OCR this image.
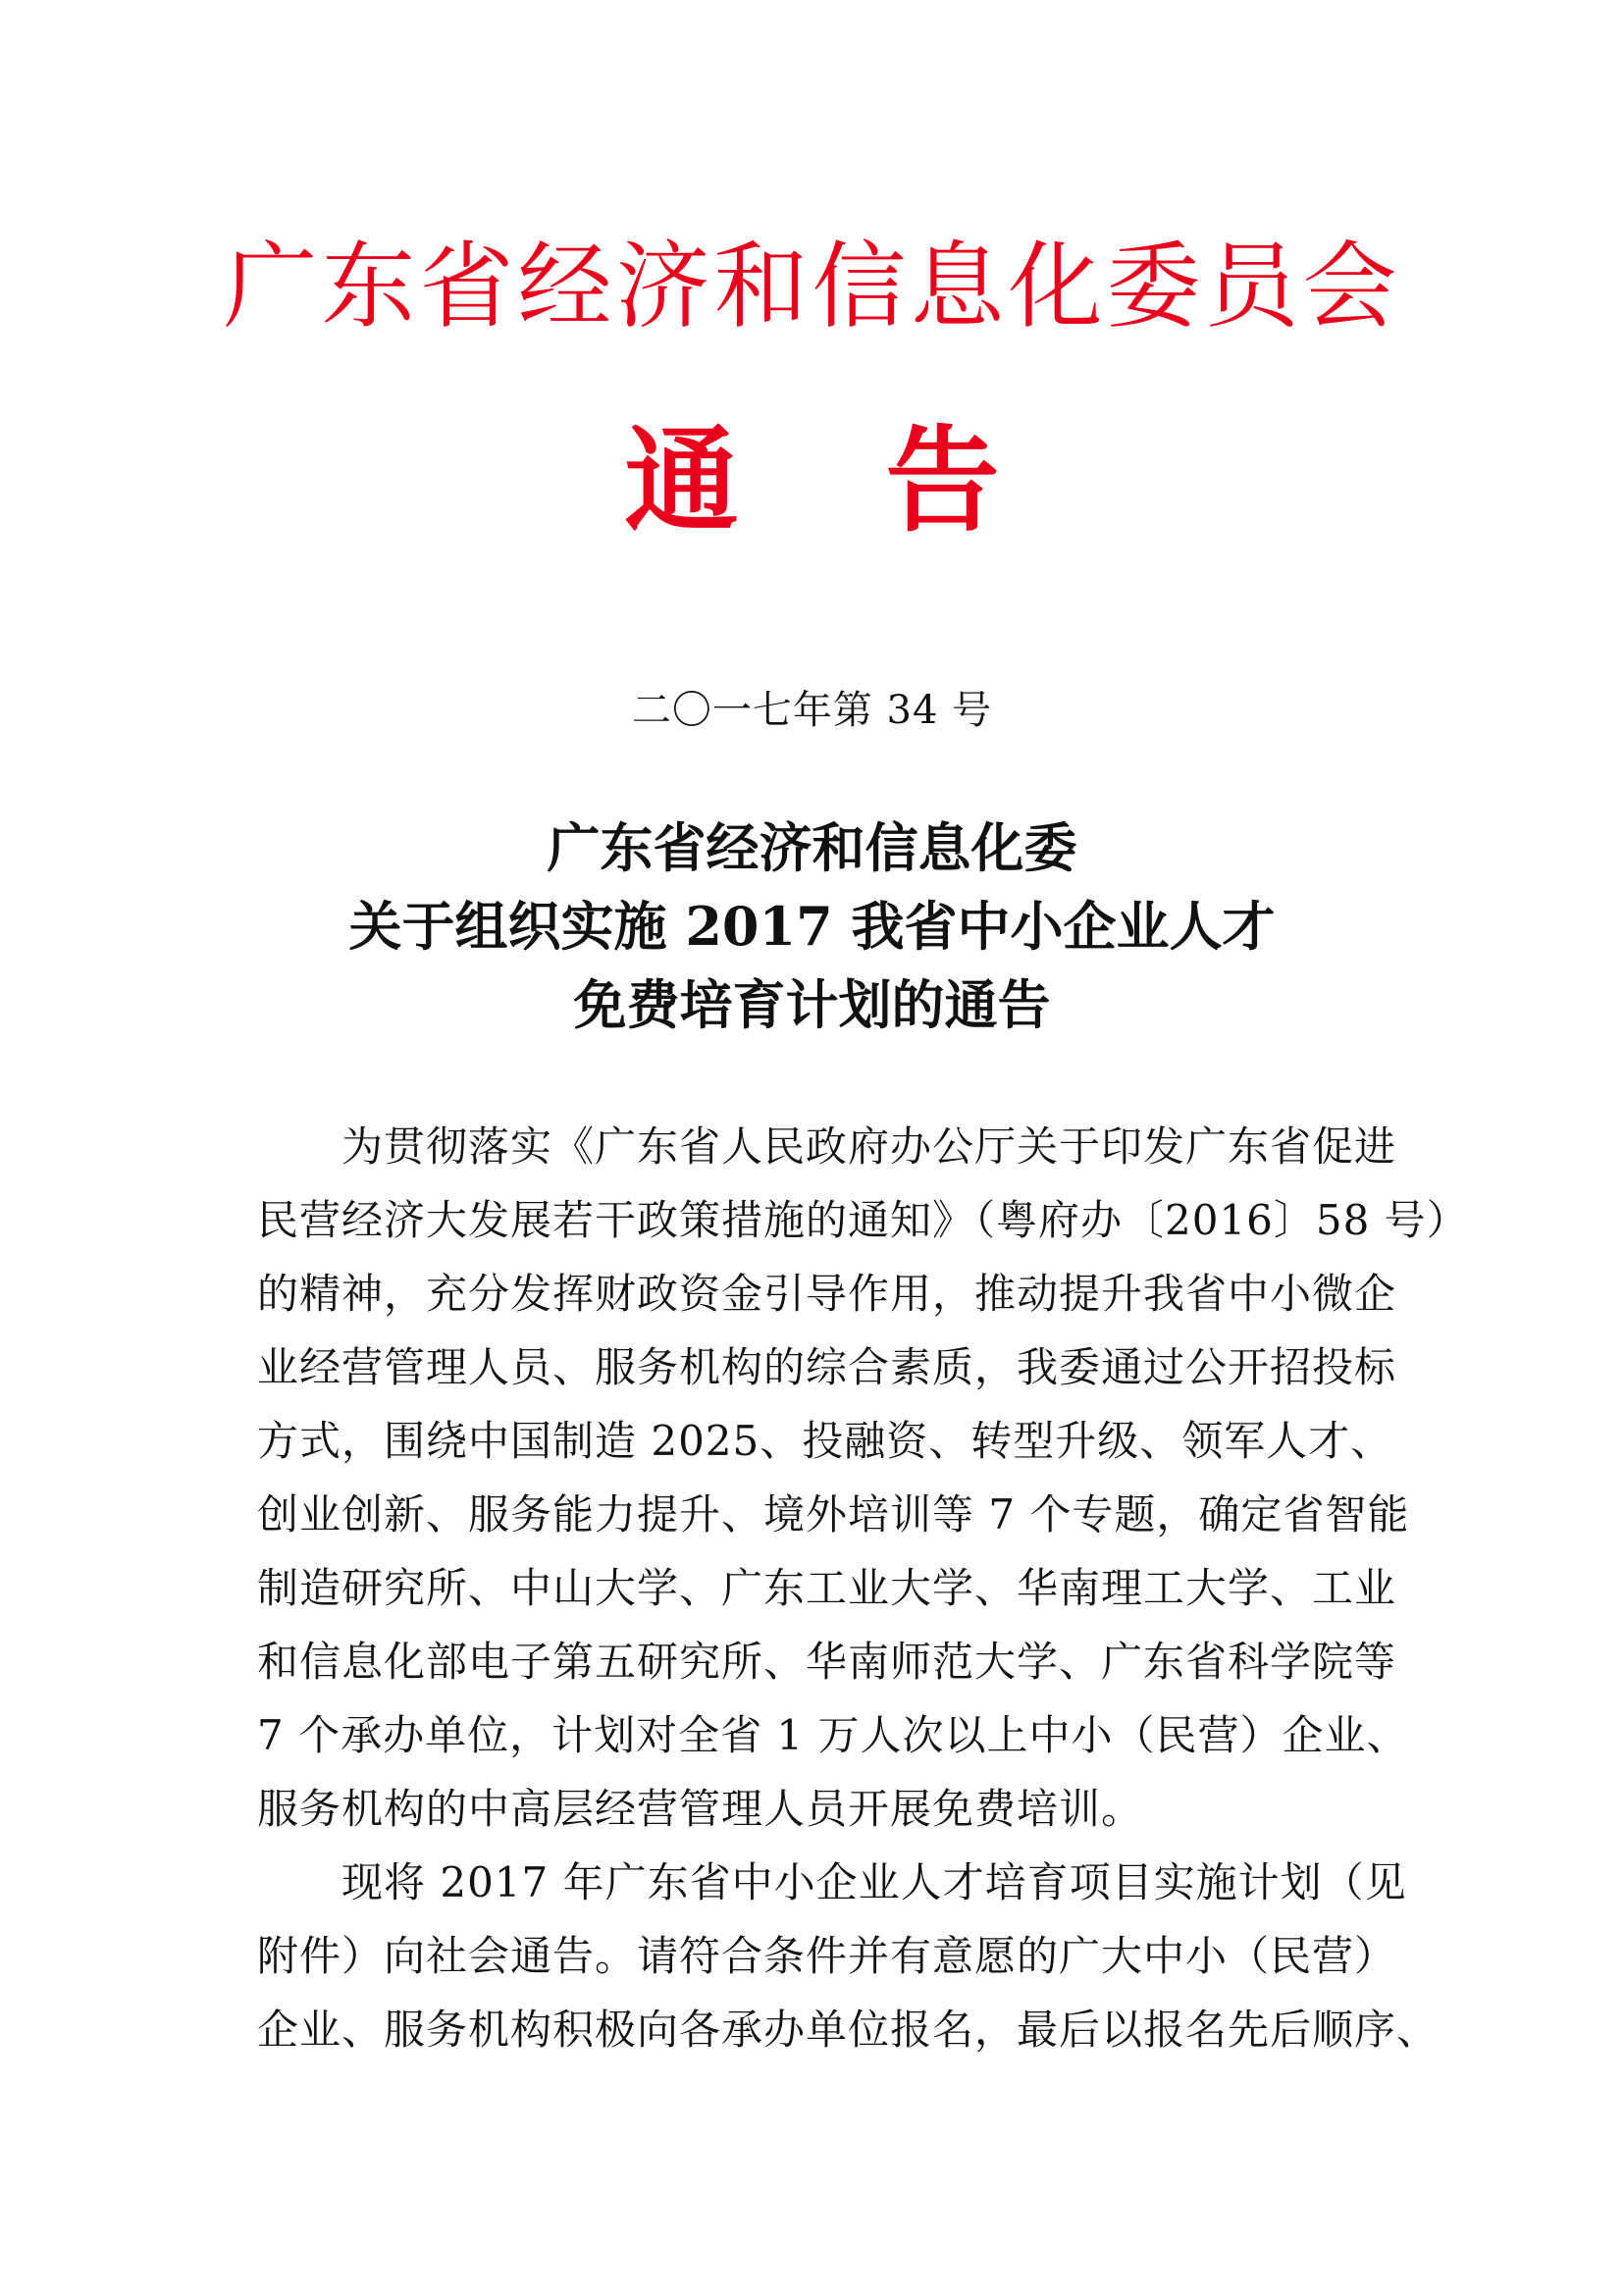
广东省经济和信息化委员会
通 告
二〇一七年第 34 号
广东省经济和信息化委
关于组织实施 2017 我省中小企业人才
免费培育计划的通告
为贯彻落实《广东省人民政府办公厅关于印发广东省促进
民营经济大发展若干政策措施的通知》（粤府办〔2016〕58 号）
的精神，充分发挥财政资金引导作用，推动提升我省中小微企
业经营管理人员、服务机构的综合素质，我委通过公开招投标
方式，围绕中国制造 2025、投融资、转型升级、领军人才、
创业创新、服务能力提升、境外培训等 7 个专题，确定省智能
制造研究所、中山大学、广东工业大学、华南理工大学、工业
和信息化部电子第五研究所、华南师范大学、广东省科学院等
7 个承办单位，计划对全省 1 万人次以上中小（民营）企业、
服务机构的中高层经营管理人员开展免费培训。
现将 2017 年广东省中小企业人才培育项目实施计划（见
附件）向社会通告。请符合条件并有意愿的广大中小（民营）
企业、服务机构积极向各承办单位报名，最后以报名先后顺序、
